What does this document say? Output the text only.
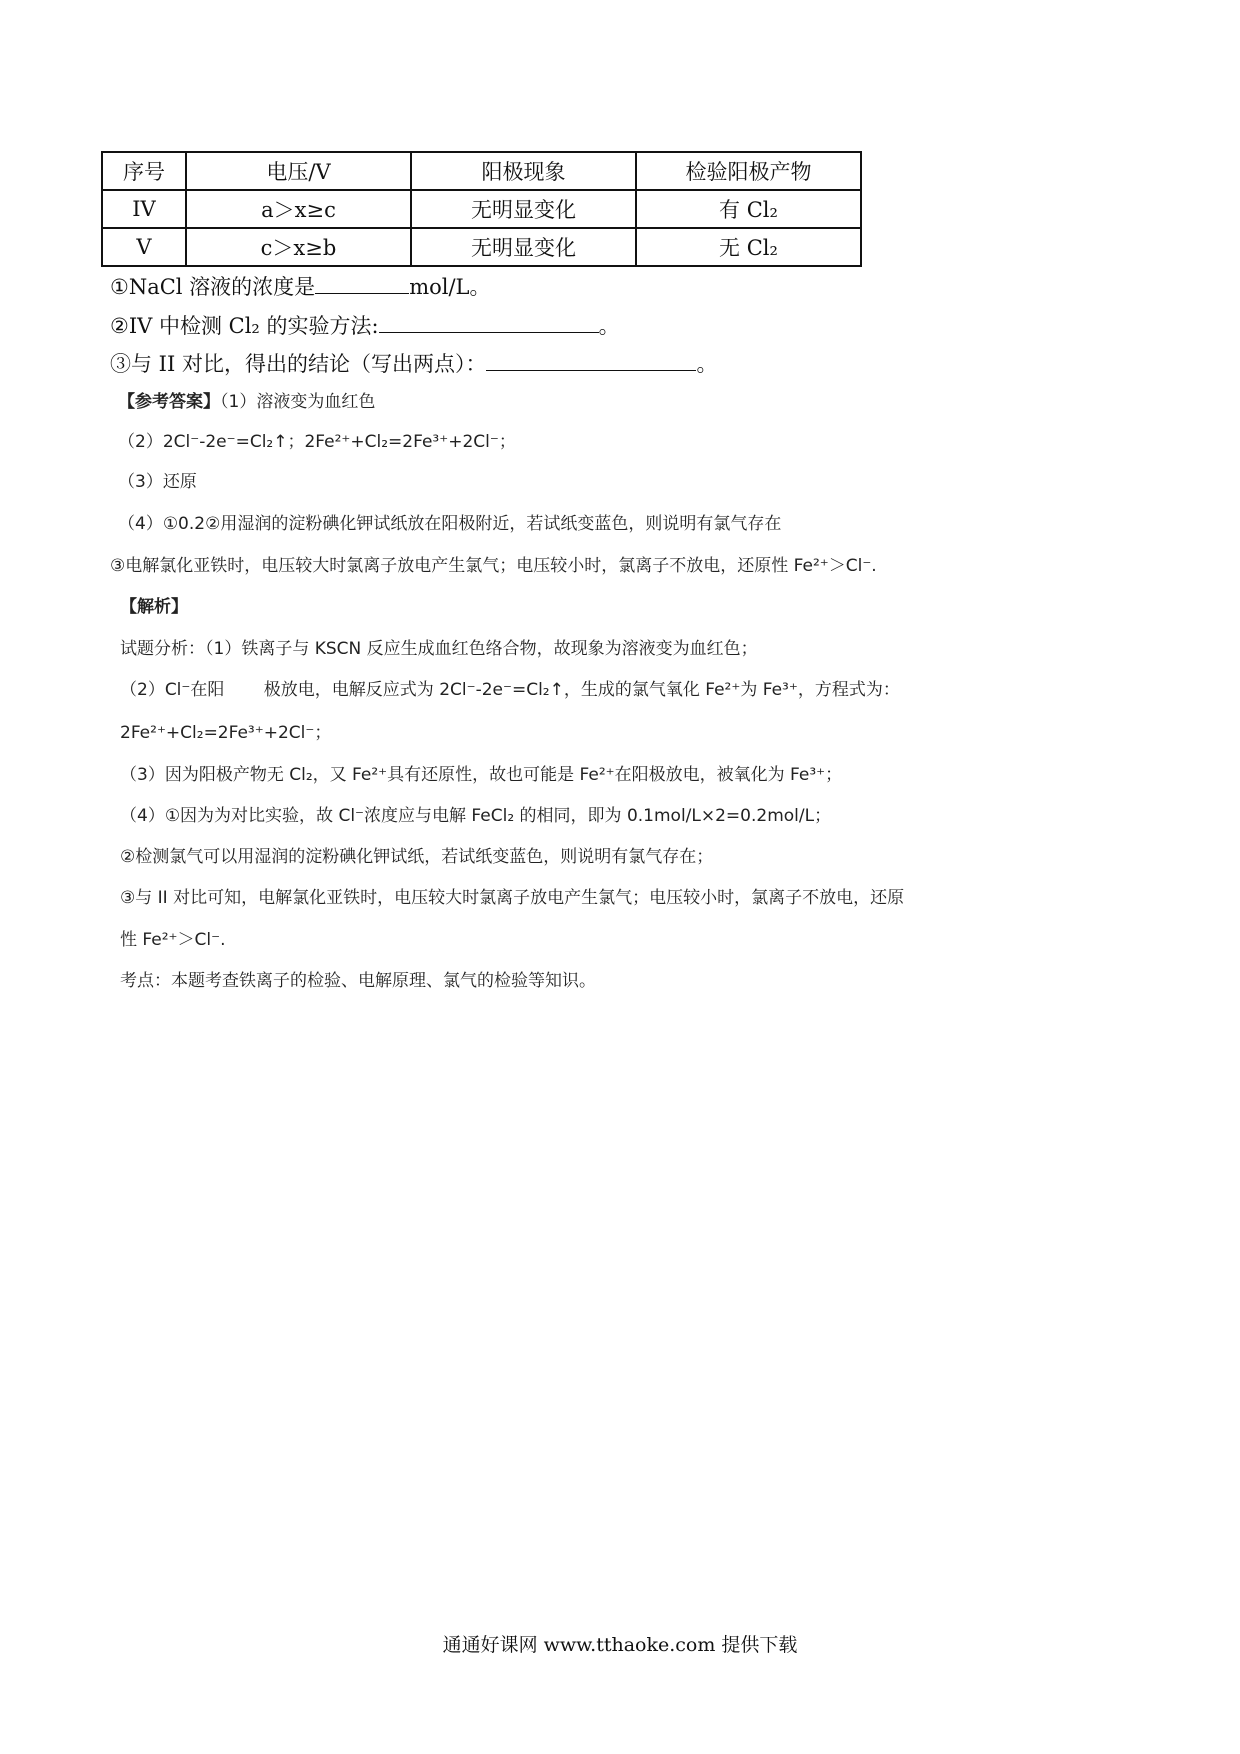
序号	电压/V	阳极现象	检验阳极产物
IV	a＞x≥c	无明显变化	有 Cl₂
V	c＞x≥b	无明显变化	无 Cl₂
①NaCl 溶液的浓度是	mol/L。
②IV 中检测 Cl₂ 的实验方法:	。
③与 II 对比，得出的结论（写出两点）：	。
【参考答案】（1）溶液变为血红色
（2）2Cl⁻-2e⁻=Cl₂↑；2Fe²⁺+Cl₂=2Fe³⁺+2Cl⁻；
（3）还原
（4）①0.2②用湿润的淀粉碘化钾试纸放在阳极附近，若试纸变蓝色，则说明有氯气存在
③电解氯化亚铁时，电压较大时氯离子放电产生氯气；电压较小时，氯离子不放电，还原性 Fe²⁺＞Cl⁻.
【解析】
试题分析：（1）铁离子与 KSCN 反应生成血红色络合物，故现象为溶液变为血红色；
（2）Cl⁻在阳　　 极放电，电解反应式为 2Cl⁻-2e⁻=Cl₂↑，生成的氯气氧化 Fe²⁺为 Fe³⁺，方程式为：
2Fe²⁺+Cl₂=2Fe³⁺+2Cl⁻；
（3）因为阳极产物无 Cl₂，又 Fe²⁺具有还原性，故也可能是 Fe²⁺在阳极放电，被氧化为 Fe³⁺；
（4）①因为为对比实验，故 Cl⁻浓度应与电解 FeCl₂ 的相同，即为 0.1mol/L×2=0.2mol/L；
②检测氯气可以用湿润的淀粉碘化钾试纸，若试纸变蓝色，则说明有氯气存在；
③与 II 对比可知，电解氯化亚铁时，电压较大时氯离子放电产生氯气；电压较小时，氯离子不放电，还原
性 Fe²⁺＞Cl⁻.
考点：本题考查铁离子的检验、电解原理、氯气的检验等知识。
通通好课网 www.tthaoke.com 提供下载
